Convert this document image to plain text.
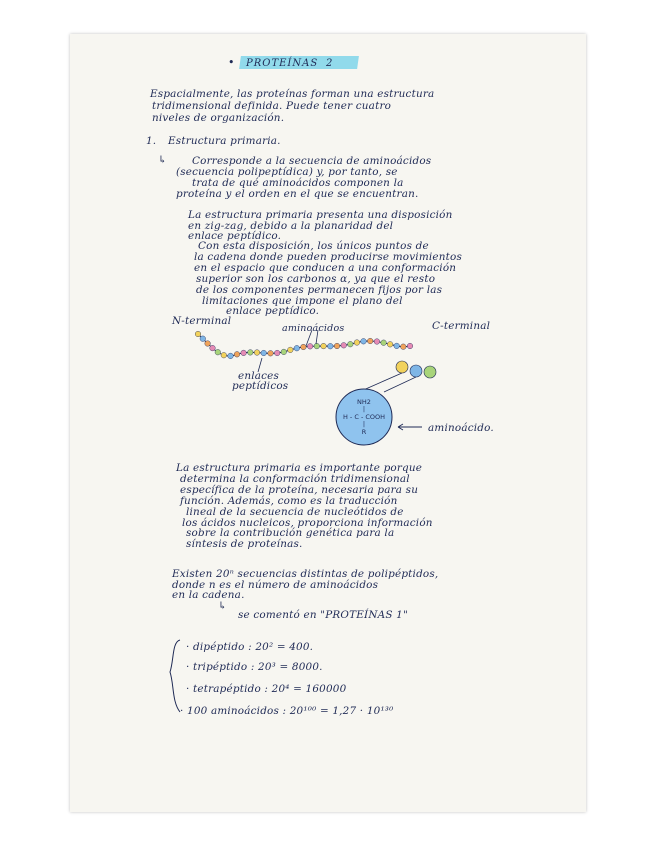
• PROTEÍNAS 2

Espacialmente, las proteínas forman una estructura

tridimensional definida. Puede tener cuatro

niveles de organización.

1. Estructura primaria.

↳ Corresponde a la secuencia de aminoácidos

(secuencia polipeptídica) y, por tanto, se

trata de qué aminoácidos componen la

proteína y el orden en el que se encuentran.

La estructura primaria presenta una disposición

en zig-zag, debido a la planaridad del

enlace peptídico.

Con esta disposición, los únicos puntos de

la cadena donde pueden producirse movimientos

en el espacio que conducen a una conformación

superior son los carbonos α, ya que el resto

de los componentes permanecen fijos por las

limitaciones que impone el plano del

enlace peptídico.

N-terminal

aminoácidos	C-terminal

enlaces

peptídicos

aminoácido.

NH2
|
H - C - COOH
|
R

La estructura primaria es importante porque

determina la conformación tridimensional

específica de la proteína, necesaria para su

función. Además, como es la traducción

lineal de la secuencia de nucleótidos de

los ácidos nucleicos, proporciona información

sobre la contribución genética para la

síntesis de proteínas.

Existen 20ⁿ secuencias distintas de polipéptidos,

donde n es el número de aminoácidos

en la cadena.

↳

se comentó en "PROTEÍNAS 1"

· dipéptido : 20² = 400.

· tripéptido : 20³ = 8000.

· tetrapéptido : 20⁴ = 160000

· 100 aminoácidos : 20¹⁰⁰ = 1,27 · 10¹³⁰
